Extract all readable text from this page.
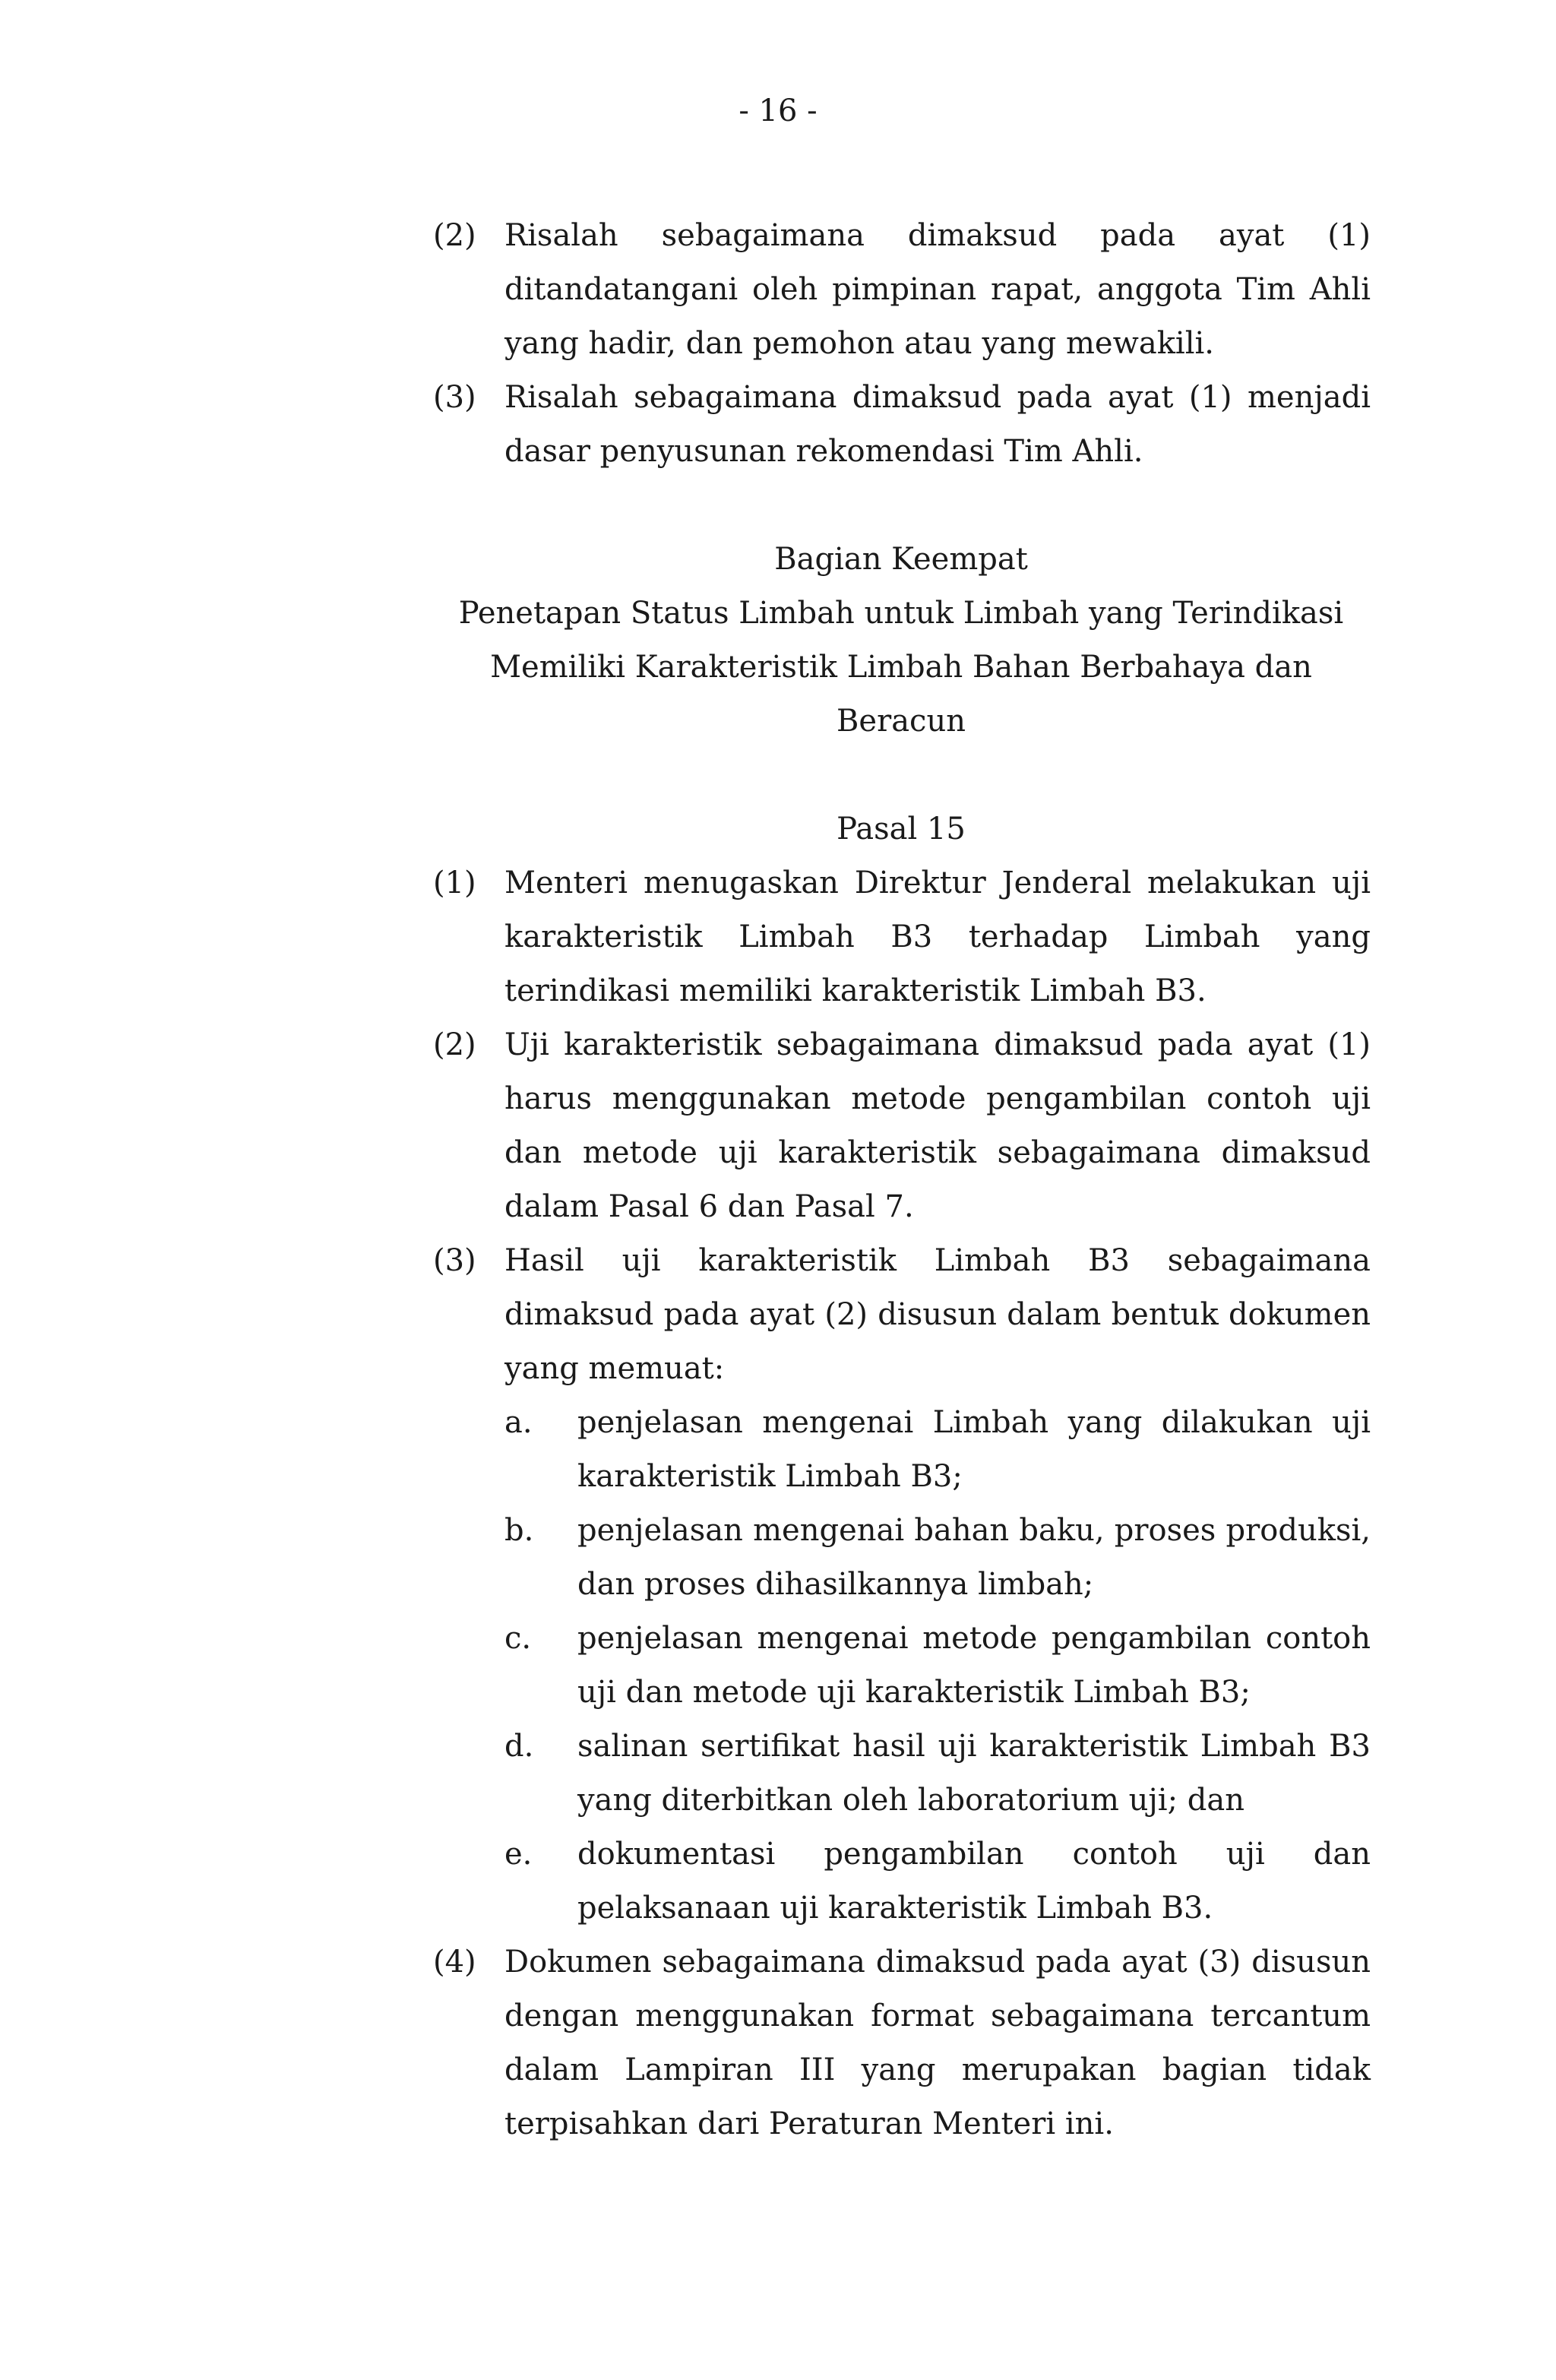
- 16 -
(2) Risalah sebagaimana dimaksud pada ayat (1) ditandatangani oleh pimpinan rapat, anggota Tim Ahli yang hadir, dan pemohon atau yang mewakili.
(3) Risalah sebagaimana dimaksud pada ayat (1) menjadi dasar penyusunan rekomendasi Tim Ahli.
Bagian Keempat
Penetapan Status Limbah untuk Limbah yang Terindikasi
Memiliki Karakteristik Limbah Bahan Berbahaya dan Beracun
Pasal 15
(1) Menteri menugaskan Direktur Jenderal melakukan uji karakteristik Limbah B3 terhadap Limbah yang terindikasi memiliki karakteristik Limbah B3.
(2) Uji karakteristik sebagaimana dimaksud pada ayat (1) harus menggunakan metode pengambilan contoh uji dan metode uji karakteristik sebagaimana dimaksud dalam Pasal 6 dan Pasal 7.
(3) Hasil uji karakteristik Limbah B3 sebagaimana dimaksud pada ayat (2) disusun dalam bentuk dokumen yang memuat:
a. penjelasan mengenai Limbah yang dilakukan uji karakteristik Limbah B3;
b. penjelasan mengenai bahan baku, proses produksi, dan proses dihasilkannya limbah;
c. penjelasan mengenai metode pengambilan contoh uji dan metode uji karakteristik Limbah B3;
d. salinan sertifikat hasil uji karakteristik Limbah B3 yang diterbitkan oleh laboratorium uji; dan
e. dokumentasi pengambilan contoh uji dan pelaksanaan uji karakteristik Limbah B3.
(4) Dokumen sebagaimana dimaksud pada ayat (3) disusun dengan menggunakan format sebagaimana tercantum dalam Lampiran III yang merupakan bagian tidak terpisahkan dari Peraturan Menteri ini.
